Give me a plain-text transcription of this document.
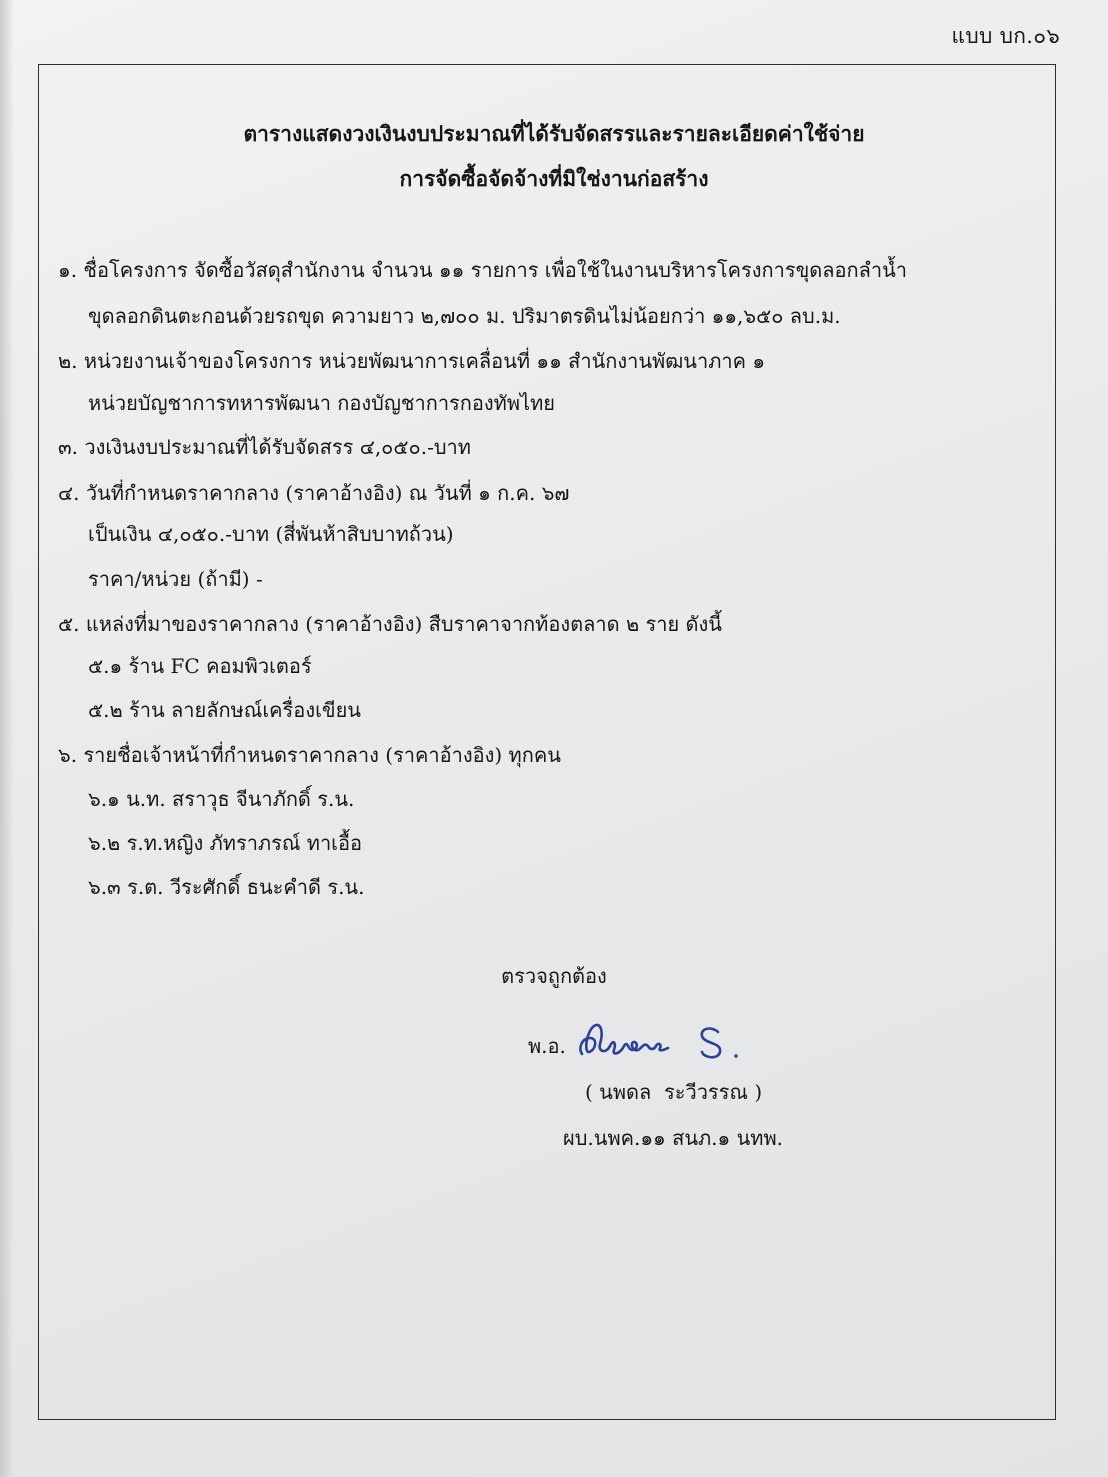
แบบ บก.๐๖
ตารางแสดงวงเงินงบประมาณที่ได้รับจัดสรรและรายละเอียดค่าใช้จ่าย
การจัดซื้อจัดจ้างที่มิใช่งานก่อสร้าง
๑. ชื่อโครงการ จัดซื้อวัสดุสำนักงาน จำนวน ๑๑ รายการ เพื่อใช้ในงานบริหารโครงการขุดลอกลำน้ำ
ขุดลอกดินตะกอนด้วยรถขุด ความยาว ๒,๗๐๐ ม. ปริมาตรดินไม่น้อยกว่า ๑๑,๖๕๐ ลบ.ม.
๒. หน่วยงานเจ้าของโครงการ หน่วยพัฒนาการเคลื่อนที่ ๑๑ สำนักงานพัฒนาภาค ๑
หน่วยบัญชาการทหารพัฒนา กองบัญชาการกองทัพไทย
๓. วงเงินงบประมาณที่ได้รับจัดสรร ๔,๐๕๐.-บาท
๔. วันที่กำหนดราคากลาง (ราคาอ้างอิง) ณ วันที่ ๑ ก.ค. ๖๗
เป็นเงิน ๔,๐๕๐.-บาท (สี่พันห้าสิบบาทถ้วน)
ราคา/หน่วย (ถ้ามี) -
๕. แหล่งที่มาของราคากลาง (ราคาอ้างอิง) สืบราคาจากท้องตลาด ๒ ราย ดังนี้
๕.๑ ร้าน FC คอมพิวเตอร์
๕.๒ ร้าน ลายลักษณ์เครื่องเขียน
๖. รายชื่อเจ้าหน้าที่กำหนดราคากลาง (ราคาอ้างอิง) ทุกคน
๖.๑ น.ท. สราวุธ จีนาภักดิ์ ร.น.
๖.๒ ร.ท.หญิง ภัทราภรณ์ ทาเอื้อ
๖.๓ ร.ต. วีระศักดิ์ ธนะคำดี ร.น.
ตรวจถูกต้อง
พ.อ.
( นพดล  ระวีวรรณ )
ผบ.นพค.๑๑ สนภ.๑ นทพ.
